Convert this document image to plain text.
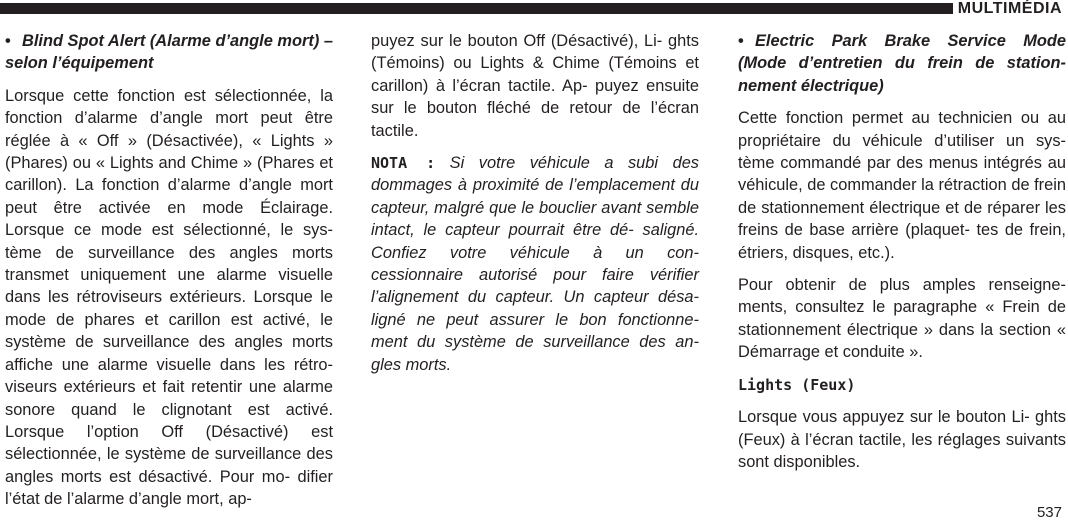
MULTIMÉDIA

• Blind Spot Alert (Alarme d’angle mort) – selon l’équipement

Lorsque cette fonction est sélectionnée, la fonction d’alarme d’angle mort peut être réglée à « Off » (Désactivée), « Lights » (Phares) ou « Lights and Chime » (Phares et carillon). La fonction d’alarme d’angle mort peut être activée en mode Éclairage. Lorsque ce mode est sélectionné, le sys- tème de surveillance des angles morts transmet uniquement une alarme visuelle dans les rétroviseurs extérieurs. Lorsque le mode de phares et carillon est activé, le système de surveillance des angles morts affiche une alarme visuelle dans les rétro- viseurs extérieurs et fait retentir une alarme sonore quand le clignotant est activé. Lorsque l’option Off (Désactivé) est sélectionnée, le système de surveillance des angles morts est désactivé. Pour mo- difier l’état de l’alarme d’angle mort, ap-

puyez sur le bouton Off (Désactivé), Li- ghts (Témoins) ou Lights & Chime (Témoins et carillon) à l’écran tactile. Ap- puyez ensuite sur le bouton fléché de retour de l’écran tactile.

NOTA : Si votre véhicule a subi des dommages à proximité de l’emplacement du capteur, malgré que le bouclier avant semble intact, le capteur pourrait être dé- saligné. Confiez votre véhicule à un con- cessionnaire autorisé pour faire vérifier l’alignement du capteur. Un capteur désa- ligné ne peut assurer le bon fonctionne- ment du système de surveillance des an- gles morts.

• Electric Park Brake Service Mode (Mode d’entretien du frein de station- nement électrique)

Cette fonction permet au technicien ou au propriétaire du véhicule d’utiliser un sys- tème commandé par des menus intégrés au véhicule, de commander la rétraction de frein de stationnement électrique et de réparer les freins de base arrière (plaquet- tes de frein, étriers, disques, etc.).

Pour obtenir de plus amples renseigne- ments, consultez le paragraphe « Frein de stationnement électrique » dans la section « Démarrage et conduite ».

Lights (Feux)

Lorsque vous appuyez sur le bouton Li- ghts (Feux) à l’écran tactile, les réglages suivants sont disponibles.

537
